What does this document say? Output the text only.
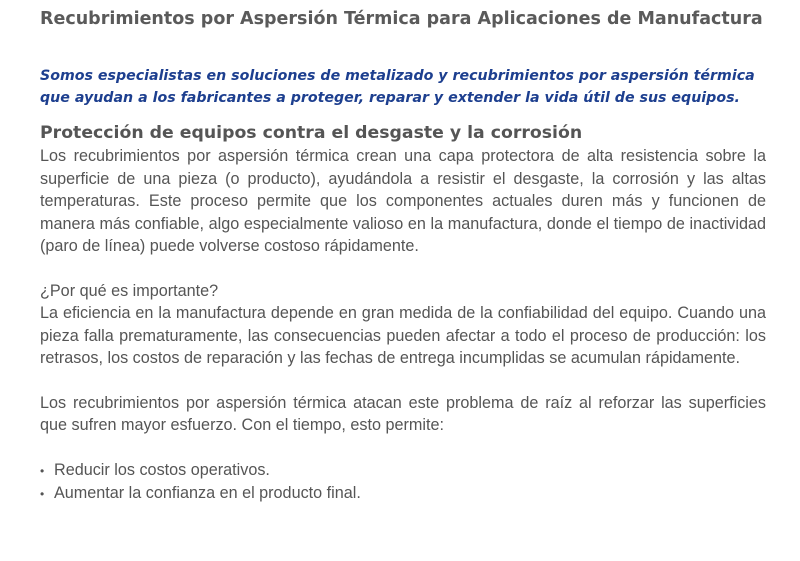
Recubrimientos por Aspersión Térmica para Aplicaciones de Manufactura

Somos especialistas en soluciones de metalizado y recubrimientos por aspersión térmica que ayudan a los fabricantes a proteger, reparar y extender la vida útil de sus equipos.

Protección de equipos contra el desgaste y la corrosión

Los recubrimientos por aspersión térmica crean una capa protectora de alta resistencia sobre la superficie de una pieza (o producto), ayudándola a resistir el desgaste, la corrosión y las altas temperaturas. Este proceso permite que los componentes actuales duren más y funcionen de manera más confiable, algo especialmente valioso en la manufactura, donde el tiempo de inactividad (paro de línea) puede volverse costoso rápidamente.

¿Por qué es importante?

La eficiencia en la manufactura depende en gran medida de la confiabilidad del equipo. Cuando una pieza falla prematuramente, las consecuencias pueden afectar a todo el proceso de producción: los retrasos, los costos de reparación y las fechas de entrega incumplidas se acumulan rápidamente.

Los recubrimientos por aspersión térmica atacan este problema de raíz al reforzar las superficies que sufren mayor esfuerzo. Con el tiempo, esto permite:

• Reducir los costos operativos.
• Aumentar la confianza en el producto final.
